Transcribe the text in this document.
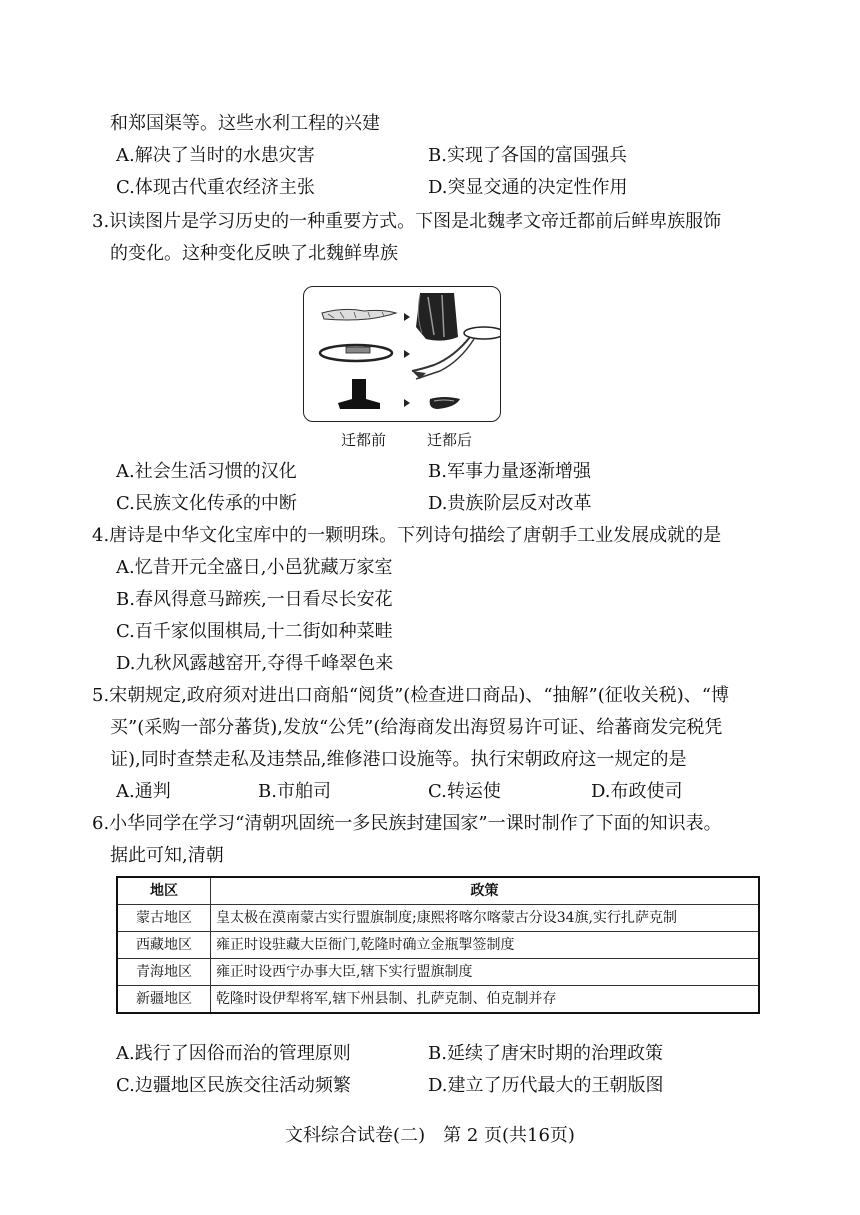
和郑国渠等。这些水利工程的兴建
A.解决了当时的水患灾害	B.实现了各国的富国强兵
C.体现古代重农经济主张	D.突显交通的决定性作用
3.识读图片是学习历史的一种重要方式。下图是北魏孝文帝迁都前后鲜卑族服饰
的变化。这种变化反映了北魏鲜卑族
迁都前	迁都后
A.社会生活习惯的汉化	B.军事力量逐渐增强
C.民族文化传承的中断	D.贵族阶层反对改革
4.唐诗是中华文化宝库中的一颗明珠。下列诗句描绘了唐朝手工业发展成就的是
A.忆昔开元全盛日,小邑犹藏万家室
B.春风得意马蹄疾,一日看尽长安花
C.百千家似围棋局,十二街如种菜畦
D.九秋风露越窑开,夺得千峰翠色来
5.宋朝规定,政府须对进出口商船“阅货”(检查进口商品)、“抽解”(征收关税)、“博
买”(采购一部分蕃货),发放“公凭”(给海商发出海贸易许可证、给蕃商发完税凭
证),同时查禁走私及违禁品,维修港口设施等。执行宋朝政府这一规定的是
A.通判	B.市舶司	C.转运使	D.布政使司
6.小华同学在学习“清朝巩固统一多民族封建国家”一课时制作了下面的知识表。
据此可知,清朝
地区	政策
蒙古地区	皇太极在漠南蒙古实行盟旗制度;康熙将喀尔喀蒙古分设34旗,实行扎萨克制
西藏地区	雍正时设驻藏大臣衙门,乾隆时确立金瓶掣签制度
青海地区	雍正时设西宁办事大臣,辖下实行盟旗制度
新疆地区	乾隆时设伊犁将军,辖下州县制、扎萨克制、伯克制并存
A.践行了因俗而治的管理原则	B.延续了唐宋时期的治理政策
C.边疆地区民族交往活动频繁	D.建立了历代最大的王朝版图
文科综合试卷(二)　第 2 页(共16页)
